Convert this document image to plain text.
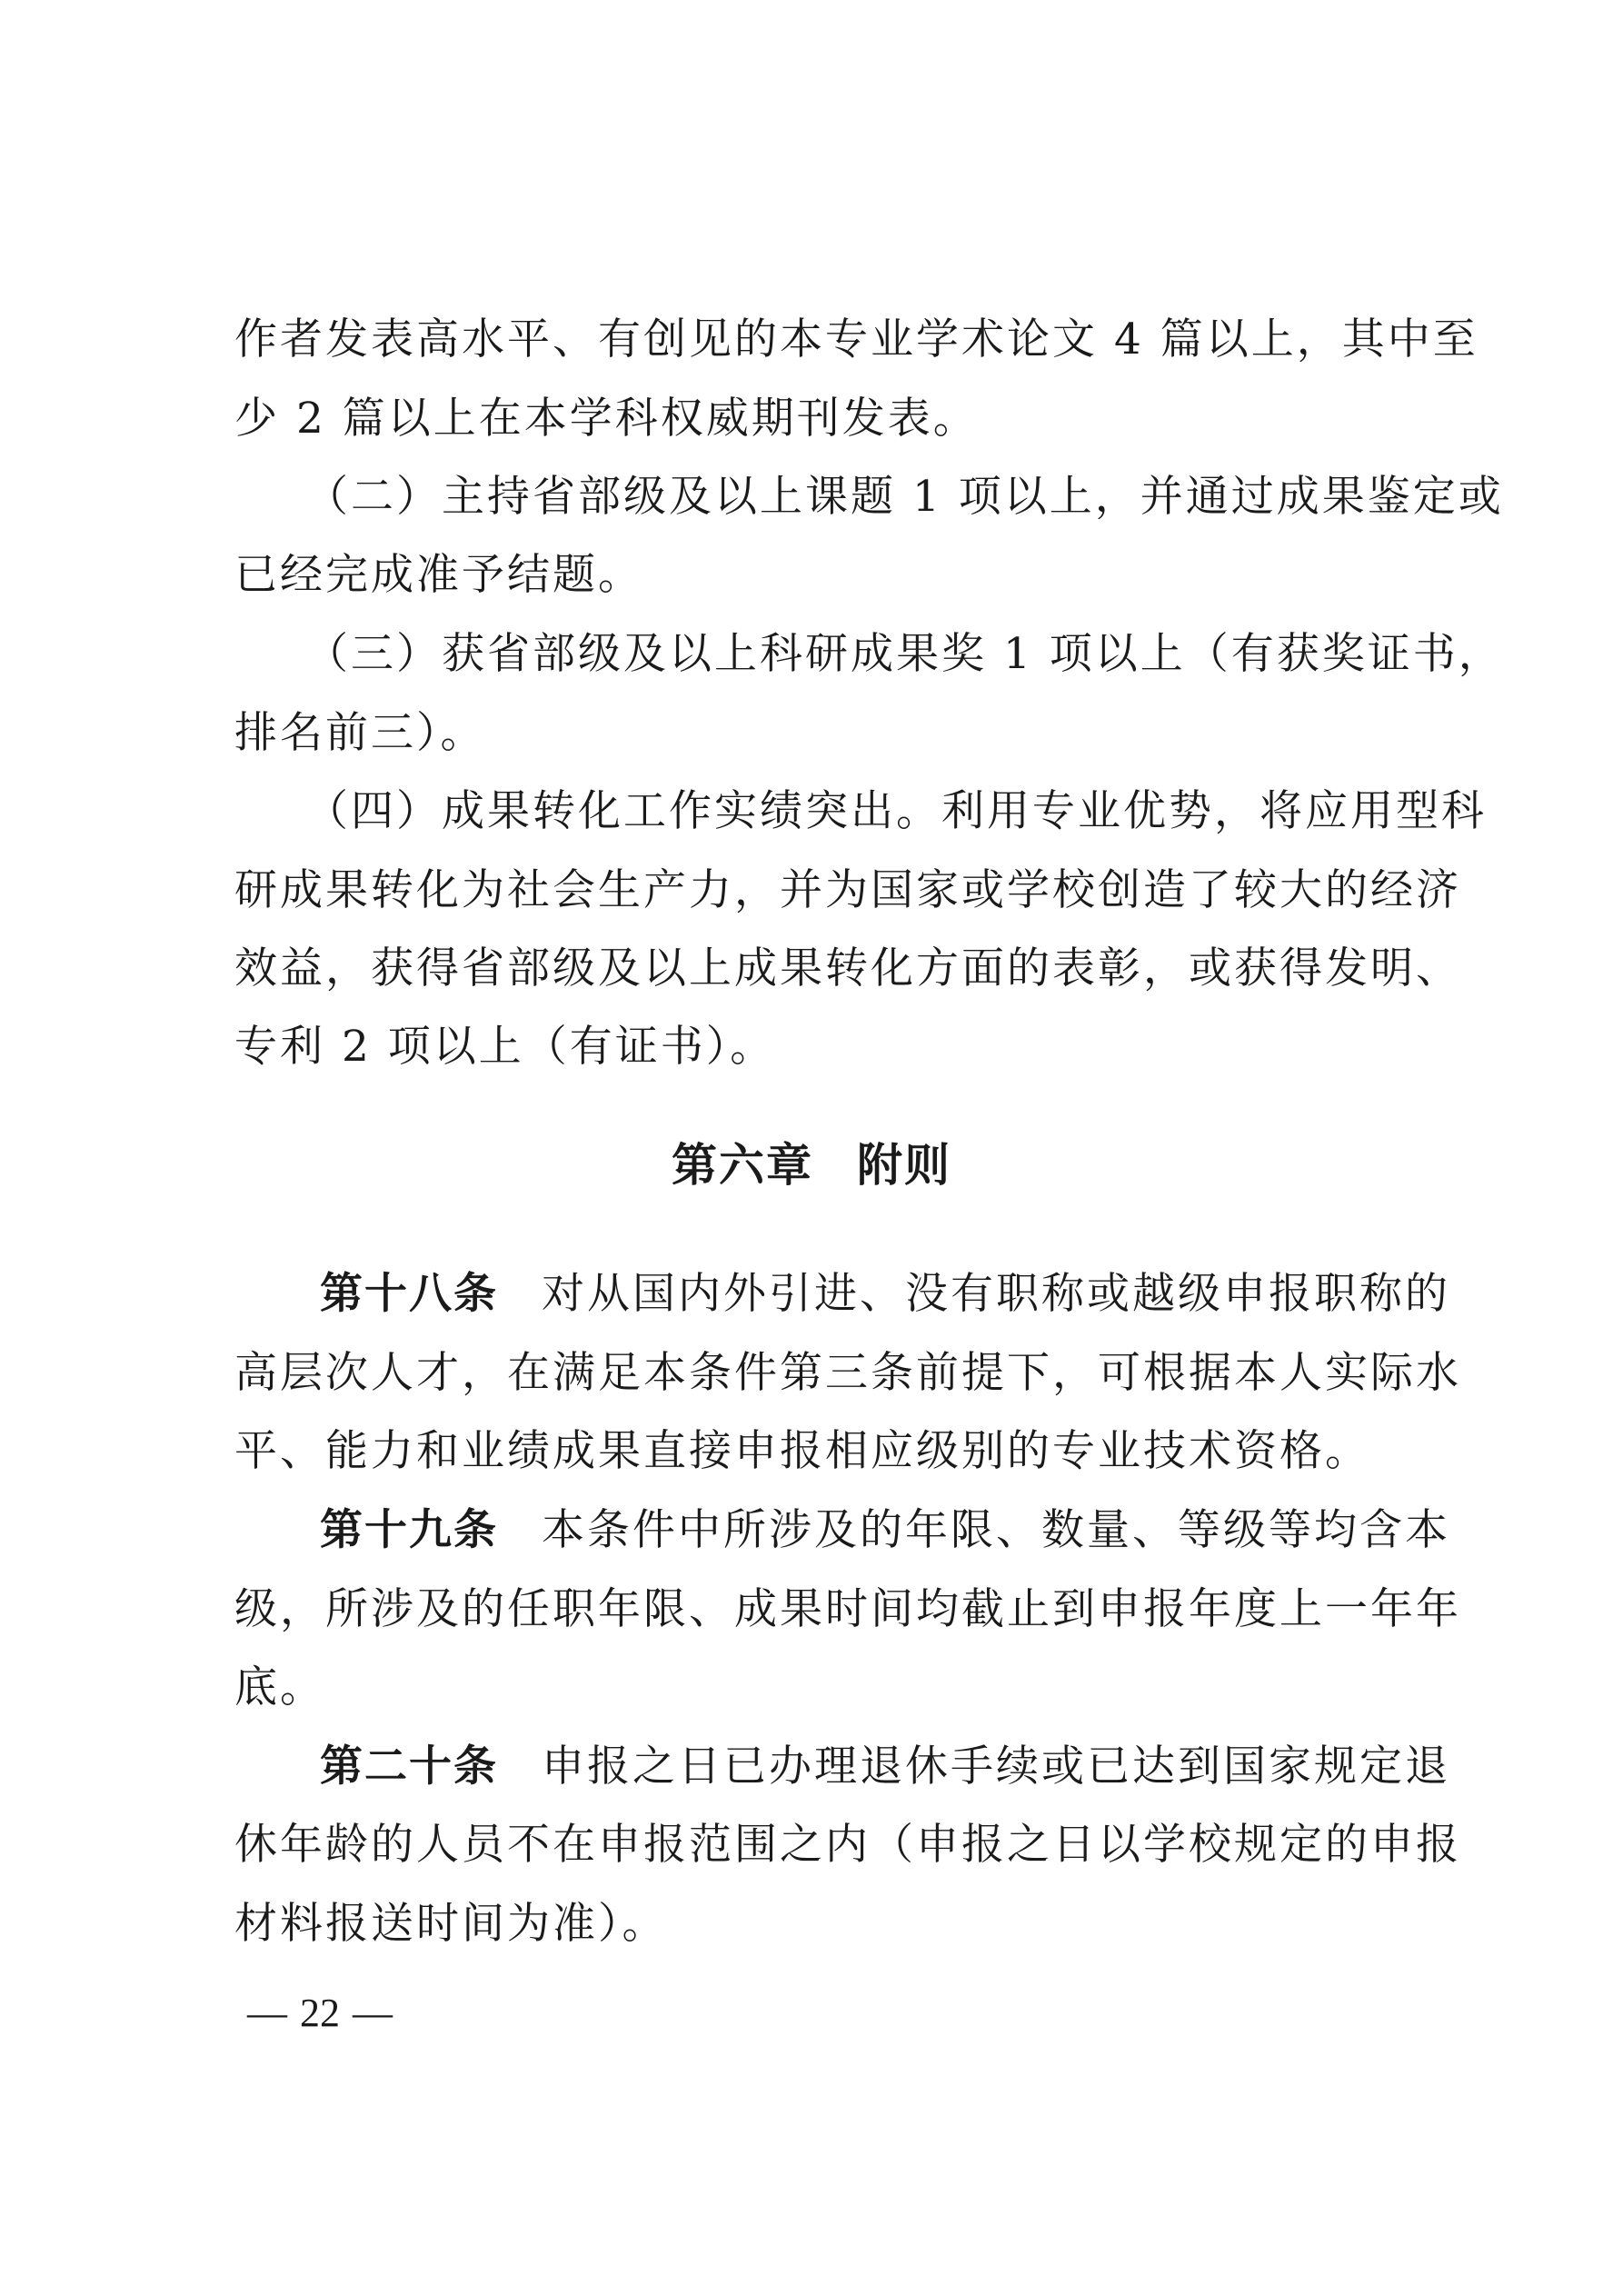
作者发表高水平、有创见的本专业学术论文 4 篇以上，其中至
少 2 篇以上在本学科权威期刊发表。
（二）主持省部级及以上课题 1 项以上，并通过成果鉴定或
已经完成准予结题。
（三）获省部级及以上科研成果奖 1 项以上（有获奖证书，
排名前三）。
（四）成果转化工作实绩突出。利用专业优势，将应用型科
研成果转化为社会生产力，并为国家或学校创造了较大的经济
效益，获得省部级及以上成果转化方面的表彰，或获得发明、
专利 2 项以上（有证书）。
第六章 附则
第十八条 对从国内外引进、没有职称或越级申报职称的
高层次人才，在满足本条件第三条前提下，可根据本人实际水
平、能力和业绩成果直接申报相应级别的专业技术资格。
第十九条 本条件中所涉及的年限、数量、等级等均含本
级，所涉及的任职年限、成果时间均截止到申报年度上一年年
底。
第二十条 申报之日已办理退休手续或已达到国家规定退
休年龄的人员不在申报范围之内（申报之日以学校规定的申报
材料报送时间为准）。
— 22 —
